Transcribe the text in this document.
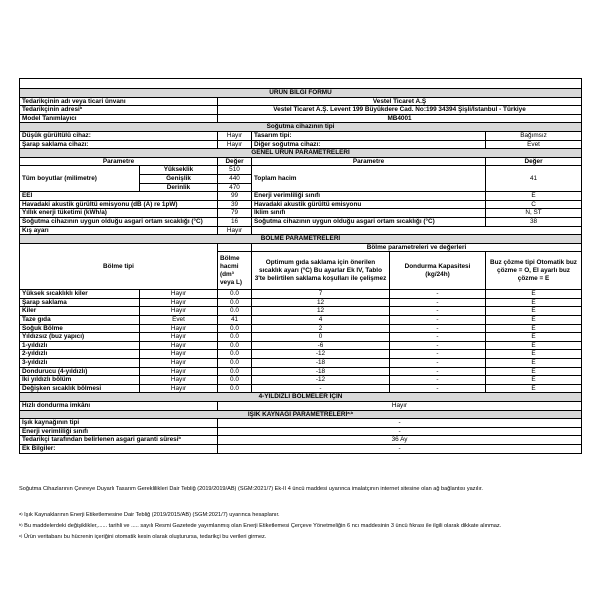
ÜRÜN BİLGİ FORMU					
Tedarikçinin adı veya ticari ünvanı		Vestel Ticaret A.Ş			
Tedarikçinin adresi$^b$		Vestel Ticaret A.Ş. Levent 199 Büyükdere Cad. No:199 34394 Şişli/İstanbul - Türkiye			
Model Tanımlayıcı		MB4001			
Soğutma cihazının tipi					
Düşük gürültülü cihaz:		Hayır	Tasarım tipi:		Bağımsız
Şarap saklama cihazı:		Hayır	Diğer soğutma cihazı:		Evet
GENEL ÜRÜN PARAMETRELERİ					
Parametre		Değer	Parametre		Değer
Tüm boyutlar (milimetre)	Yükseklik	510	Toplam hacim		41
	Genişlik	440			
	Derinlik	470			
EEI		99	Enerji verimliliği sınıfı		E
Havadaki akustik gürültü emisyonu (dB (A) re 1pW)		39	Havadaki akustik gürültü emisyonu		C
Yıllık enerji tüketimi (kWh/a)		79	İklim sınıfı		N, ST
Soğutma cihazının uygun olduğu asgari ortam sıcaklığı (°C)		16	Soğutma cihazının uygun olduğu asgari ortam sıcaklığı (°C)		38
Kış ayarı		Hayır			
BÖLME PARAMETRELERİ					
Bölme tipi			Bölme parametreleri ve değerleri		
		Bölme hacmi (dm³ veya L)	Optimum gıda saklama için önerilen sıcaklık ayarı (°C) Bu ayarlar Ek IV, Tablo 3'te belirtilen saklama koşulları ile çelişmez	Dondurma Kapasitesi (kg/24h)	Buz çözme tipi Otomatik buz çözme = O, El ayarlı buz çözme = E
Yüksek sıcaklıklı kiler	Hayır	0.0	7	-	E
Şarap saklama	Hayır	0.0	12	-	E
Kiler	Hayır	0.0	12	-	E
Taze gıda	Evet	41	4	-	E
Soğuk Bölme	Hayır	0.0	2	-	E
Yıldızsız (buz yapıcı)	Hayır	0.0	0	-	E
1-yıldızlı	Hayır	0.0	-6	-	E
2-yıldızlı	Hayır	0.0	-12	-	E
3-yıldızlı	Hayır	0.0	-18	-	E
Dondurucu (4-yıldızlı)	Hayır	0.0	-18	-	E
İki yıldızlı bölüm	Hayır	0.0	-12	-	E
Değişken sıcaklık bölmesi	Hayır	0.0	-	-	E
4-YILDIZLI BÖLMELER İÇİN					
Hızlı dondurma imkânı		Hayır			
IŞIK KAYNAĞI PARAMETRELERİ$^{a,b}$
Işık kaynağının tipi		-			
Enerji verimliliği sınıfı		-			
Tedarikçi tarafından belirlenen asgari garanti süresi$^b$		36 Ay			
Ek Bilgiler:		-			
Soğutma Cihazlarının Çevreye Duyarlı Tasarım Gereklilikleri Dair Tebliğ (2019/2019/AB) (SGM:2021/7) Ek-II 4 üncü maddesi uyarınca imalatçının internet sitesine olan ağ bağlantısı yazılır.
$^{a)}$ Işık Kaynaklarının Enerji Etiketlemesine Dair Tebliğ (2019/2015/AB) (SGM:2021/7) uyarınca hesaplanır.
$^{b)}$ Bu maddelerdeki değişiklikler,...... tarihli ve ..... sayılı Resmi Gazetede yayımlanmış olan Enerji Etiketlemesi Çerçeve Yönetmeliğin 6 ncı maddesinin 3 üncü fıkrası ile ilgili olarak dikkate alınmaz.
$^{c)}$ Ürün veritabanı bu hücrenin içeriğini otomatik kesin olarak oluşturursa, tedarikçi bu verileri girmez.
